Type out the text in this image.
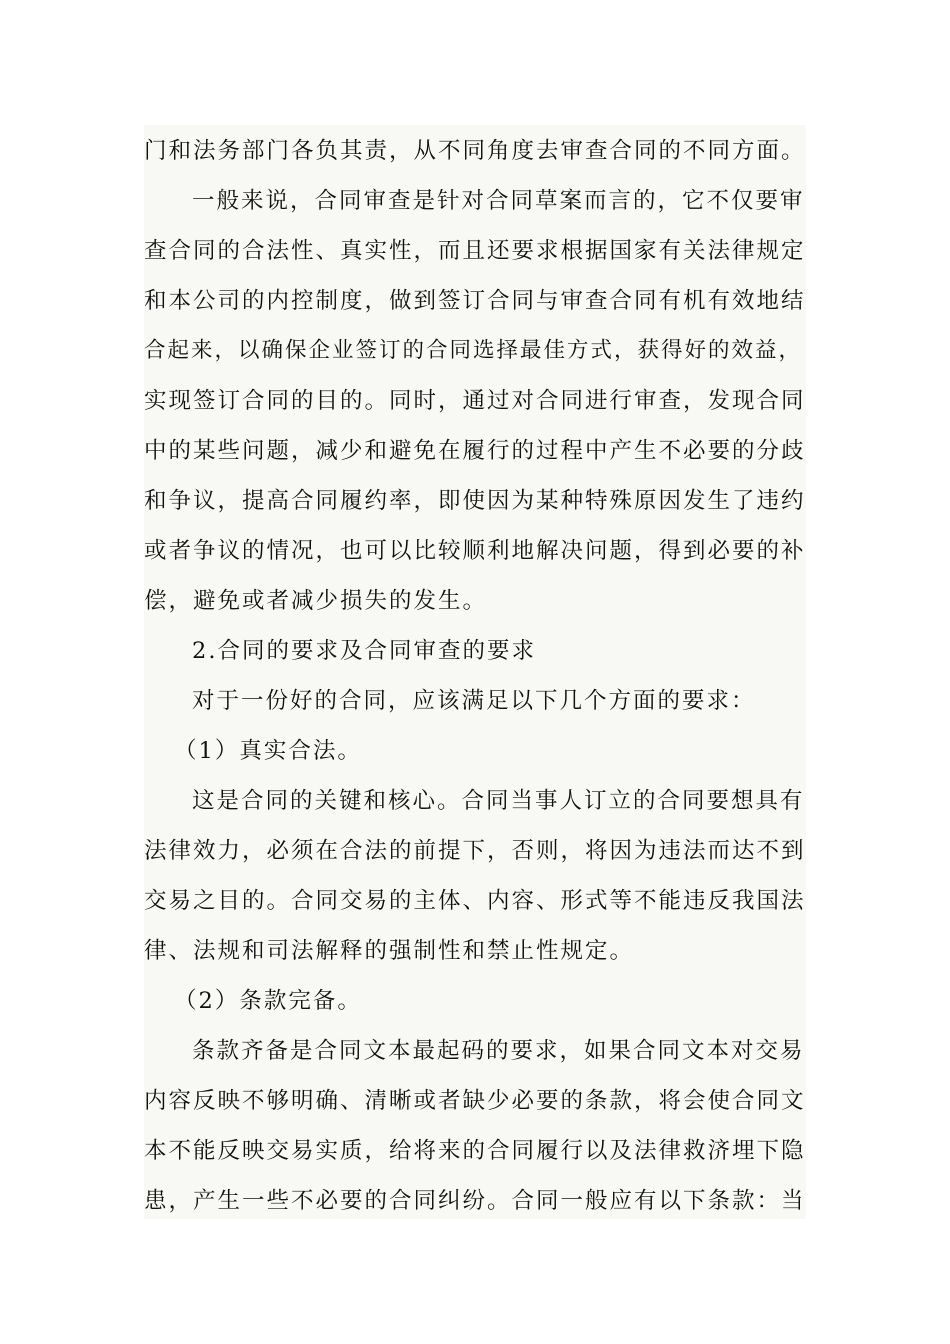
门和法务部门各负其责，从不同角度去审查合同的不同方面。
一般来说，合同审查是针对合同草案而言的，它不仅要审
查合同的合法性、真实性，而且还要求根据国家有关法律规定
和本公司的内控制度，做到签订合同与审查合同有机有效地结
合起来，以确保企业签订的合同选择最佳方式，获得好的效益，
实现签订合同的目的。同时，通过对合同进行审查，发现合同
中的某些问题，减少和避免在履行的过程中产生不必要的分歧
和争议，提高合同履约率，即使因为某种特殊原因发生了违约
或者争议的情况，也可以比较顺利地解决问题，得到必要的补
偿，避免或者减少损失的发生。
2.合同的要求及合同审查的要求
对于一份好的合同，应该满足以下几个方面的要求：
（1）真实合法。
这是合同的关键和核心。合同当事人订立的合同要想具有
法律效力，必须在合法的前提下，否则，将因为违法而达不到
交易之目的。合同交易的主体、内容、形式等不能违反我国法
律、法规和司法解释的强制性和禁止性规定。
（2）条款完备。
条款齐备是合同文本最起码的要求，如果合同文本对交易
内容反映不够明确、清晰或者缺少必要的条款，将会使合同文
本不能反映交易实质，给将来的合同履行以及法律救济埋下隐
患，产生一些不必要的合同纠纷。合同一般应有以下条款：当
